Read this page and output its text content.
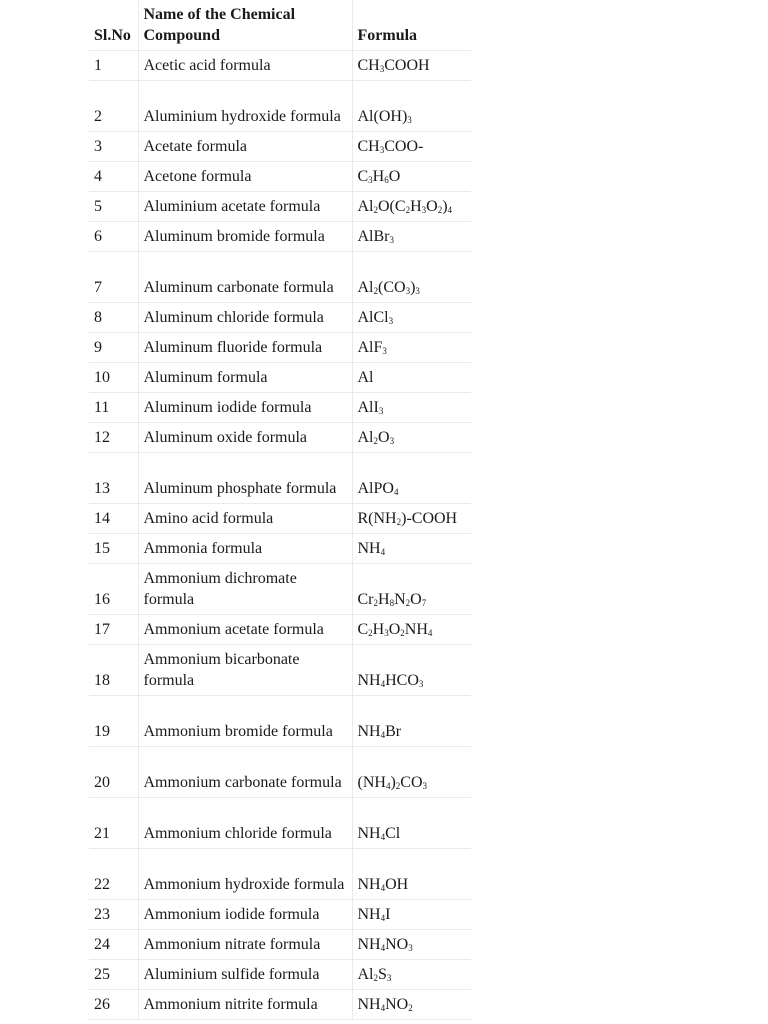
Sl.No	Name of the Chemical Compound	Formula
1	Acetic acid formula	$CH_3COOH$
2	Aluminium hydroxide formula	$Al(OH)_3$
3	Acetate formula	$CH_3COO-$
4	Acetone formula	$C_3H_6O$
5	Aluminium acetate formula	$Al_2O(C_2H_3O_2)_4$
6	Aluminum bromide formula	AlBr$_3$
7	Aluminum carbonate formula	$Al_2(CO_3)_3$
8	Aluminum chloride formula	AlCl$_3$
9	Aluminum fluoride formula	AlF$_3$
10	Aluminum formula	Al
11	Aluminum iodide formula	AlI$_3$
12	Aluminum oxide formula	$Al_2O_3$
13	Aluminum phosphate formula	AlPO$_4$
14	Amino acid formula	$R(NH_2)$-COOH
15	Ammonia formula	$NH_4$
16	Ammonium dichromate formula	$Cr_2H_8N_2O_7$
17	Ammonium acetate formula	$C_2H_3O_2NH_4$
18	Ammonium bicarbonate formula	$NH_4HCO_3$
19	Ammonium bromide formula	$NH_4Br$
20	Ammonium carbonate formula	$(NH_4)_2CO_3$
21	Ammonium chloride formula	$NH_4Cl$
22	Ammonium hydroxide formula	$NH_4OH$
23	Ammonium iodide formula	$NH_4I$
24	Ammonium nitrate formula	$NH_4NO_3$
25	Aluminium sulfide formula	$Al_2S_3$
26	Ammonium nitrite formula	$NH_4NO_2$
